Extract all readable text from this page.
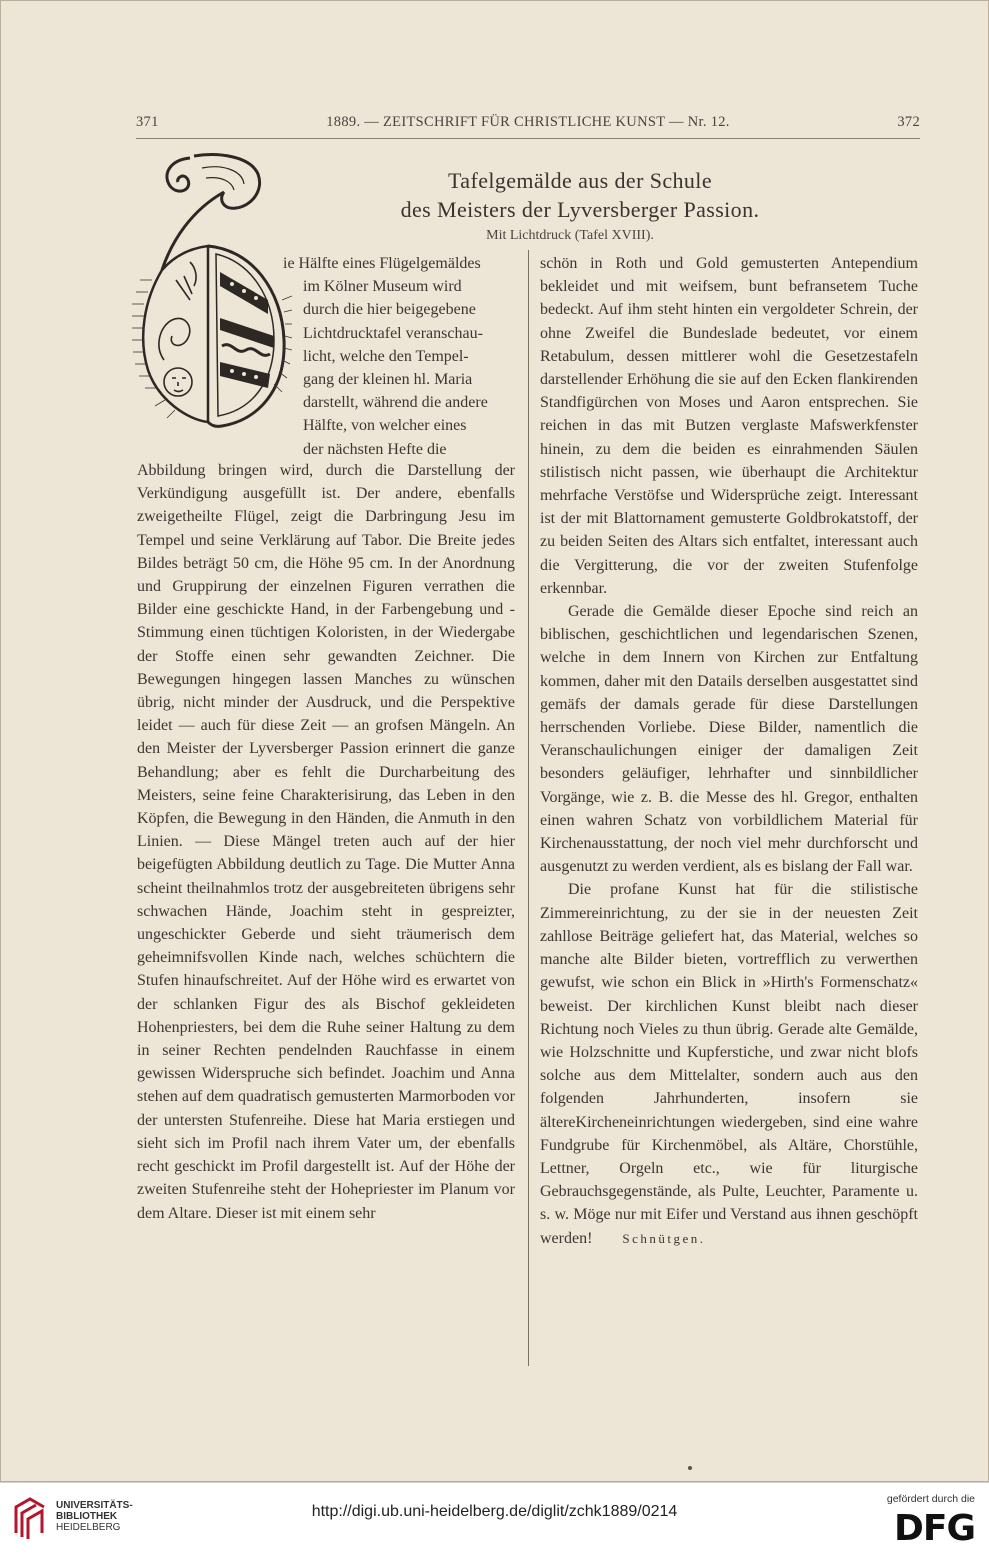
371	1889. — ZEITSCHRIFT FÜR CHRISTLICHE KUNST — Nr. 12.	372
Tafelgemälde aus der Schule
des Meisters der Lyversberger Passion.
Mit Lichtdruck (Tafel XVIII).
ie Hälfte eines Flügelgemäldes
im Kölner Museum wird
durch die hier beigegebene
Lichtdrucktafel veranschau-
licht, welche den Tempel-
gang der kleinen hl. Maria
darstellt, während die andere
Hälfte, von welcher eines
der nächsten Hefte die

Abbildung bringen wird, durch die Darstellung der Verkündigung ausgefüllt ist. Der andere, ebenfalls zweigetheilte Flügel, zeigt die Darbringung Jesu im Tempel und seine Verklärung auf Tabor. Die Breite jedes Bildes beträgt 50 cm, die Höhe 95 cm. In der Anordnung und Gruppirung der einzelnen Figuren verrathen die Bilder eine geschickte Hand, in der Farbengebung und -Stimmung einen tüchtigen Koloristen, in der Wiedergabe der Stoffe einen sehr gewandten Zeichner. Die Bewegungen hingegen lassen Manches zu wünschen übrig, nicht minder der Ausdruck, und die Perspektive leidet — auch für diese Zeit — an grofsen Mängeln. An den Meister der Lyversberger Passion erinnert die ganze Behandlung; aber es fehlt die Durcharbeitung des Meisters, seine feine Charakterisirung, das Leben in den Köpfen, die Bewegung in den Händen, die Anmuth in den Linien. — Diese Mängel treten auch auf der hier beigefügten Abbildung deutlich zu Tage. Die Mutter Anna scheint theilnahmlos trotz der ausgebreiteten übrigens sehr schwachen Hände, Joachim steht in gespreizter, ungeschickter Geberde und sieht träumerisch dem geheimnifsvollen Kinde nach, welches schüchtern die Stufen hinaufschreitet. Auf der Höhe wird es erwartet von der schlanken Figur des als Bischof gekleideten Hohenpriesters, bei dem die Ruhe seiner Haltung zu dem in seiner Rechten pendelnden Rauchfasse in einem gewissen Widerspruche sich befindet. Joachim und Anna stehen auf dem quadratisch gemusterten Marmorboden vor der untersten Stufenreihe. Diese hat Maria erstiegen und sieht sich im Profil nach ihrem Vater um, der ebenfalls recht geschickt im Profil dargestellt ist. Auf der Höhe der zweiten Stufenreihe steht der Hohepriester im Planum vor dem Altare. Dieser ist mit einem sehr

schön in Roth und Gold gemusterten Antependium bekleidet und mit weifsem, bunt befransetem Tuche bedeckt. Auf ihm steht hinten ein vergoldeter Schrein, der ohne Zweifel die Bundeslade bedeutet, vor einem Retabulum, dessen mittlerer wohl die Gesetzestafeln darstellender Erhöhung die sie auf den Ecken flankirenden Standfigürchen von Moses und Aaron entsprechen. Sie reichen in das mit Butzen verglaste Mafswerkfenster hinein, zu dem die beiden es einrahmenden Säulen stilistisch nicht passen, wie überhaupt die Architektur mehrfache Verstöfse und Widersprüche zeigt. Interessant ist der mit Blattornament gemusterte Goldbrokatstoff, der zu beiden Seiten des Altars sich entfaltet, interessant auch die Vergitterung, die vor der zweiten Stufenfolge erkennbar.

Gerade die Gemälde dieser Epoche sind reich an biblischen, geschichtlichen und legendarischen Szenen, welche in dem Innern von Kirchen zur Entfaltung kommen, daher mit den Datails derselben ausgestattet sind gemäfs der damals gerade für diese Darstellungen herrschenden Vorliebe. Diese Bilder, namentlich die Veranschaulichungen einiger der damaligen Zeit besonders geläufiger, lehrhafter und sinnbildlicher Vorgänge, wie z. B. die Messe des hl. Gregor, enthalten einen wahren Schatz von vorbildlichem Material für Kirchenausstattung, der noch viel mehr durchforscht und ausgenutzt zu werden verdient, als es bislang der Fall war.

Die profane Kunst hat für die stilistische Zimmereinrichtung, zu der sie in der neuesten Zeit zahllose Beiträge geliefert hat, das Material, welches so manche alte Bilder bieten, vortrefflich zu verwerthen gewufst, wie schon ein Blick in »Hirth's Formenschatz« beweist. Der kirchlichen Kunst bleibt nach dieser Richtung noch Vieles zu thun übrig. Gerade alte Gemälde, wie Holzschnitte und Kupferstiche, und zwar nicht blofs solche aus dem Mittelalter, sondern auch aus den folgenden Jahrhunderten, insofern sie ältereKircheneinrichtungen wiedergeben, sind eine wahre Fundgrube für Kirchenmöbel, als Altäre, Chorstühle, Lettner, Orgeln etc., wie für liturgische Gebrauchsgegenstände, als Pulte, Leuchter, Paramente u. s. w. Möge nur mit Eifer und Verstand aus ihnen geschöpft werden! Schnütgen.

UNIVERSITÄTS-
BIBLIOTHEK
HEIDELBERG
http://digi.ub.uni-heidelberg.de/diglit/zchk1889/0214
gefördert durch die
DFG
